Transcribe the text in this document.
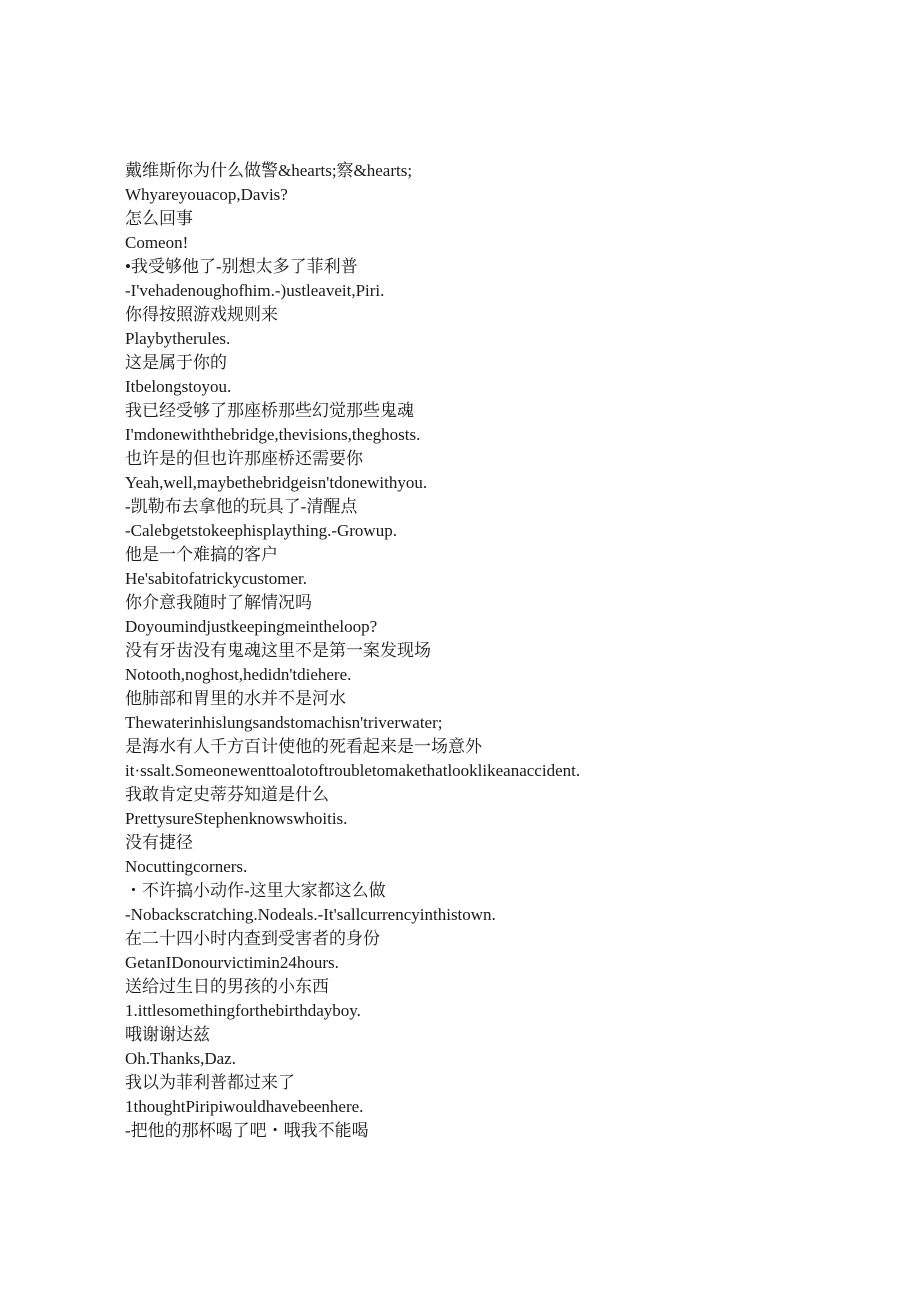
戴维斯你为什么做警&hearts;察&hearts;

Whyareyouacop,Davis?

怎么回事

Comeon!

•我受够他了-别想太多了菲利普

-I'vehadenoughofhim.-)ustleaveit,Piri.

你得按照游戏规则来

Playbytherules.

这是属于你的

Itbelongstoyou.

我已经受够了那座桥那些幻觉那些鬼魂

I'mdonewiththebridge,thevisions,theghosts.

也许是的但也许那座桥还需要你

Yeah,well,maybethebridgeisn'tdonewithyou.

-凯勒布去拿他的玩具了-清醒点

-Calebgetstokeephisplaything.-Growup.

他是一个难搞的客户

He'sabitofatrickycustomer.

你介意我随时了解情况吗

Doyoumindjustkeepingmeintheloop?

没有牙齿没有鬼魂这里不是第一案发现场

Notooth,noghost,hedidn'tdiehere.

他肺部和胃里的水并不是河水

Thewaterinhislungsandstomachisn'triverwater;

是海水有人千方百计使他的死看起来是一场意外

it·ssalt.Someonewenttoalotoftroubletomakethatlooklikeanaccident.

我敢肯定史蒂芬知道是什么

PrettysureStephenknowswhoitis.

没有捷径

Nocuttingcorners.

・不许搞小动作-这里大家都这么做

-Nobackscratching.Nodeals.-It'sallcurrencyinthistown.

在二十四小时内查到受害者的身份

GetanIDonourvictimin24hours.

送给过生日的男孩的小东西

1.ittlesomethingforthebirthdayboy.

哦谢谢达兹

Oh.Thanks,Daz.

我以为菲利普都过来了

1thoughtPiripiwouldhavebeenhere.

-把他的那杯喝了吧・哦我不能喝
